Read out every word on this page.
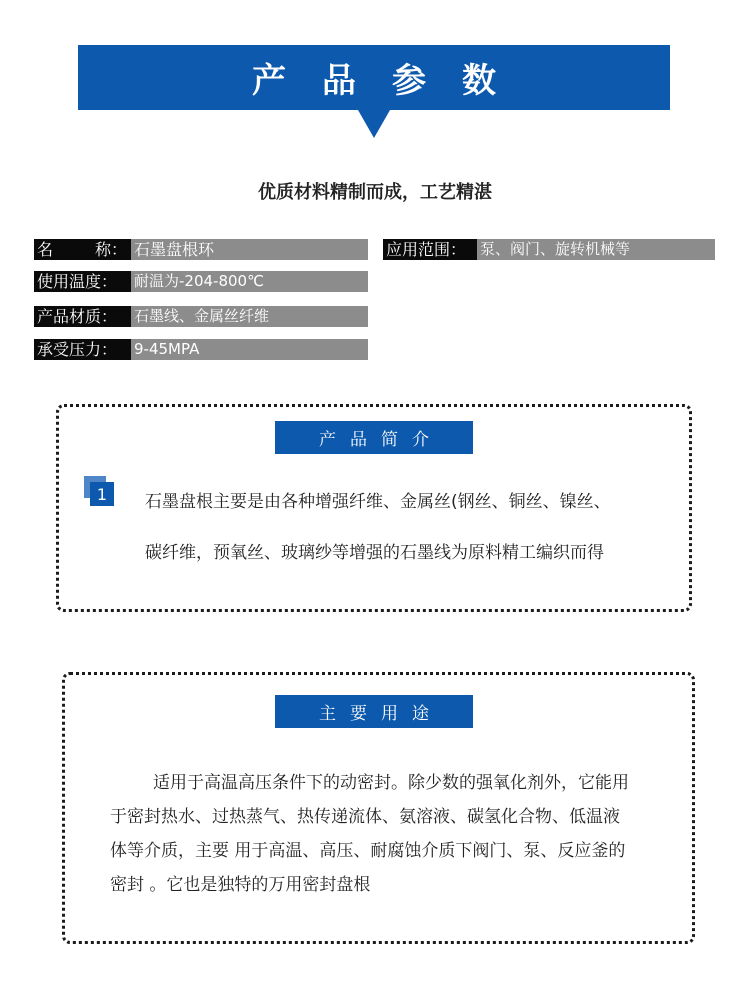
产 品 参 数
优质材料精制而成，工艺精湛
名	称： 石墨盘根环
使用温度：	耐温为-204-800℃
产品材质：	石墨线、金属丝纤维
承受压力：	9-45MPA
应用范围： 泵、阀门、旋转机械等
产 品 简 介
1	石墨盘根主要是由各种增强纤维、金属丝(钢丝、铜丝、镍丝、
碳纤维，预氧丝、玻璃纱等增强的石墨线为原料精工编织而得
主 要 用 途
适用于高温高压条件下的动密封。除少数的强氧化剂外，它能用
于密封热水、过热蒸气、热传递流体、氨溶液、碳氢化合物、低温液
体等介质，主要 用于高温、高压、耐腐蚀介质下阀门、泵、反应釜的
密封 。它也是独特的万用密封盘根
